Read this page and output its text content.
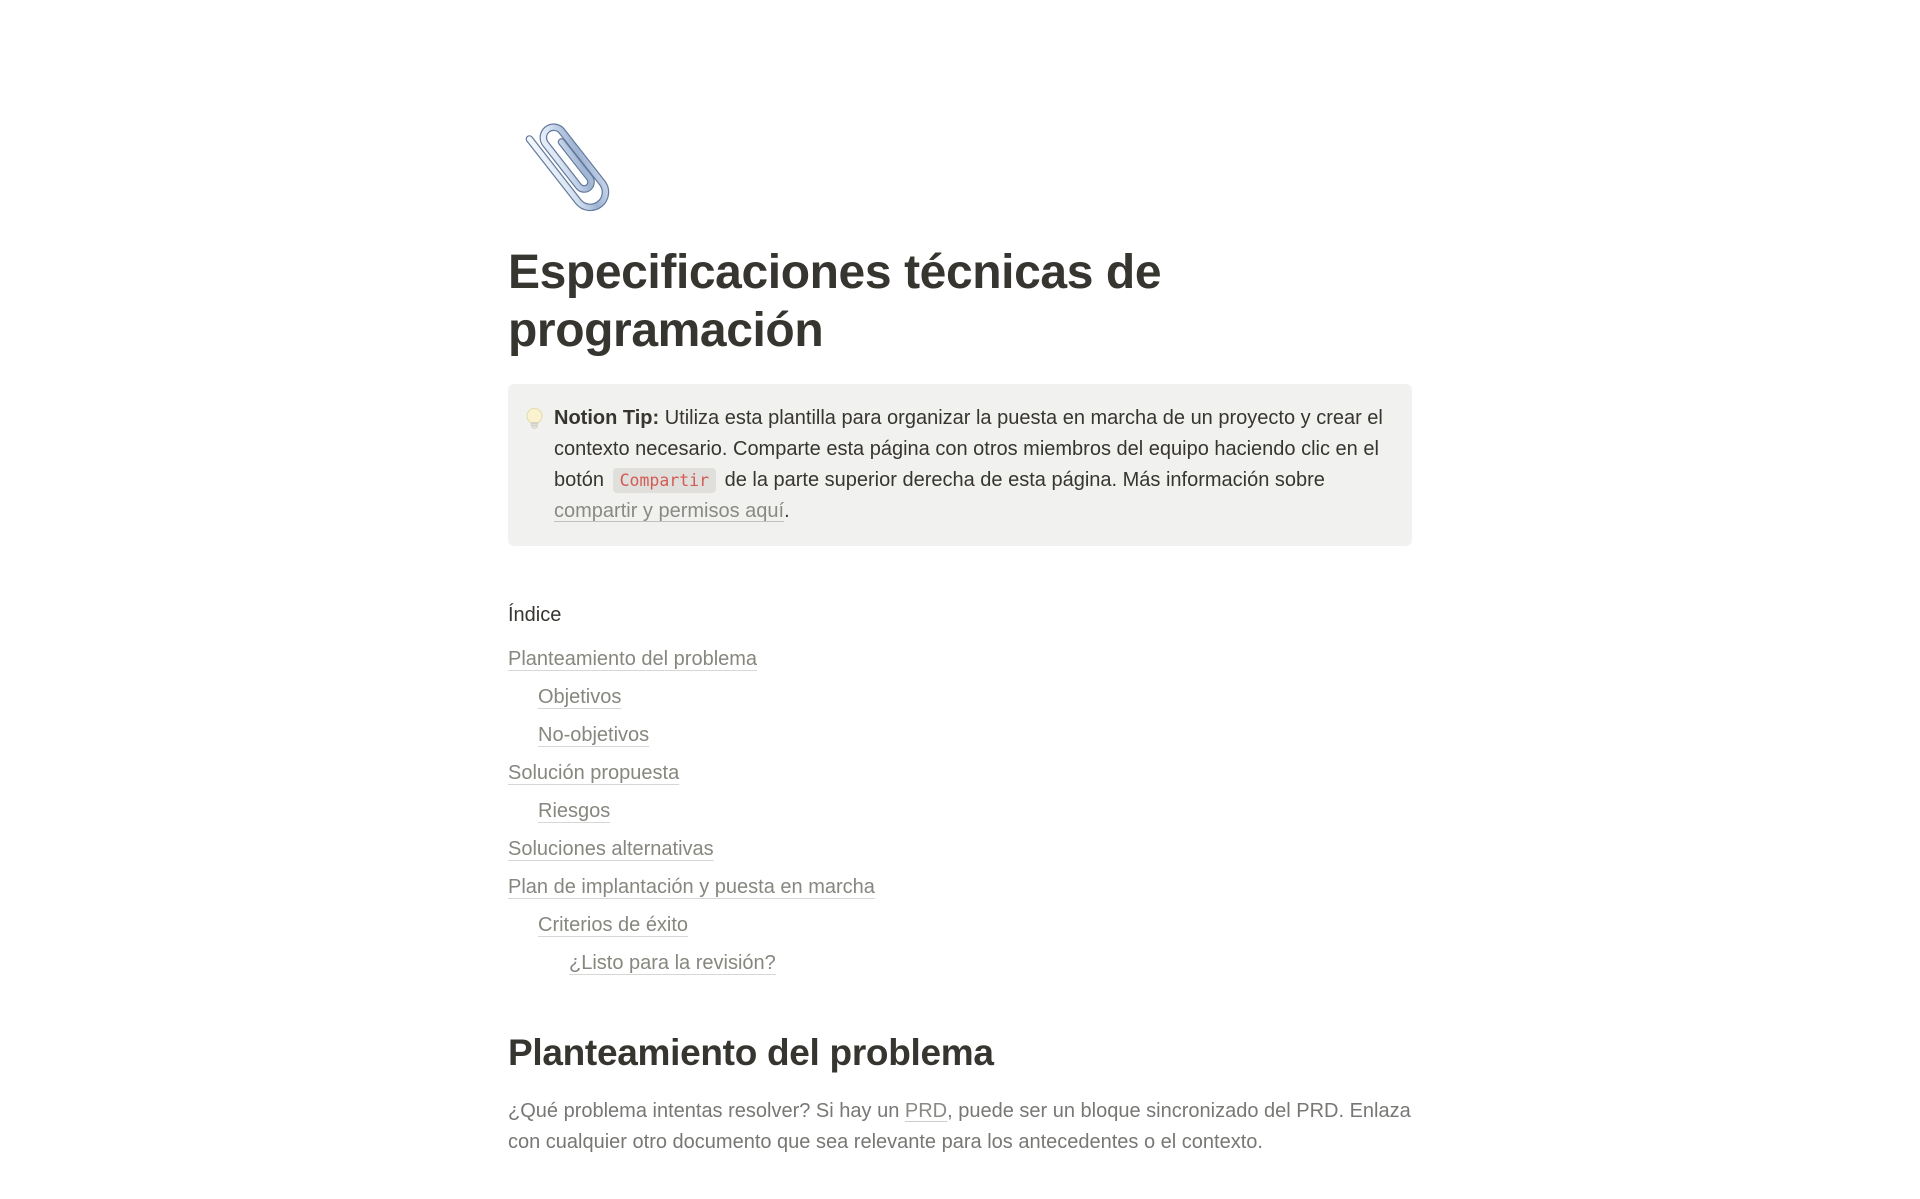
Especificaciones técnicas de programación
Notion Tip: Utiliza esta plantilla para organizar la puesta en marcha de un proyecto y crear el contexto necesario. Comparte esta página con otros miembros del equipo haciendo clic en el botón Compartir de la parte superior derecha de esta página. Más información sobre compartir y permisos aquí.
Índice
Planteamiento del problema
Objetivos
No-objetivos
Solución propuesta
Riesgos
Soluciones alternativas
Plan de implantación y puesta en marcha
Criterios de éxito
¿Listo para la revisión?
Planteamiento del problema

¿Qué problema intentas resolver? Si hay un PRD, puede ser un bloque sincronizado del PRD. Enlaza con cualquier otro documento que sea relevante para los antecedentes o el contexto.
